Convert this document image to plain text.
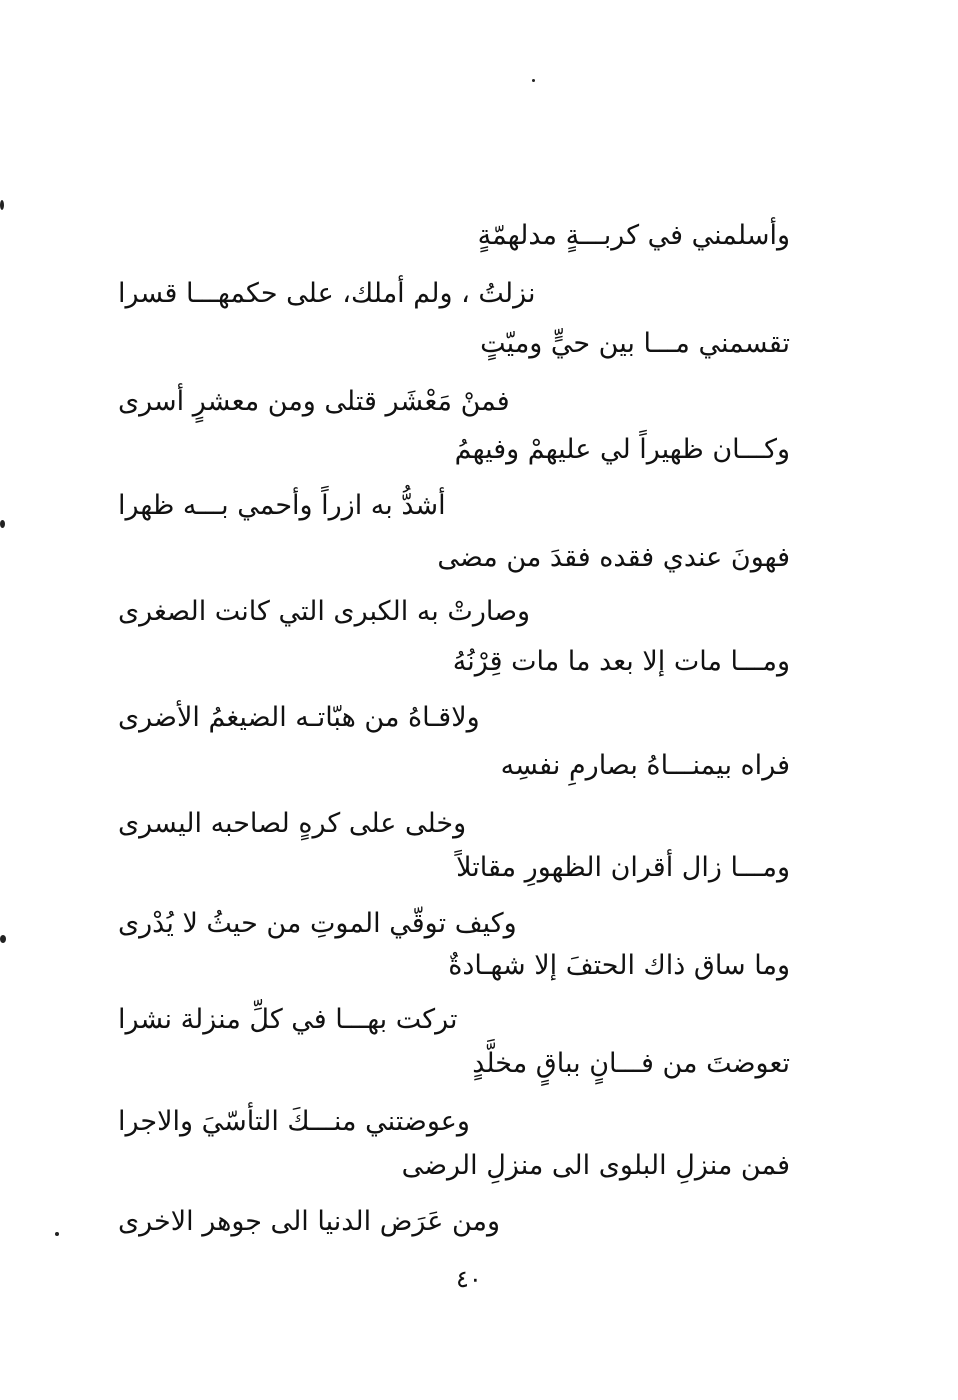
وأسلمني في كربـــةٍ مدلهمّةٍ
نزلتُ ، ولم أملك، على حكمهـــا قسرا
تقسمني مـــا بين حيٍّ وميّتٍ
فمنْ مَعْشَر قتلى ومن معشرٍ أسرى
وكـــان ظهيراً لي عليهمْ وفيهمُ
أشدُّ به ازراً وأحمي بـــه ظهرا
فهونَ عندي فقده فقدَ من مضى
وصارتْ به الكبرى التي كانت الصغرى
ومـــا مات إلا بعد ما مات قِرْنُهُ
ولاقـاهُ من هبّاتـه الضيغمُ الأضرى
فراه بيمنـــاهُ بصارمِ نفسِه
وخلى على كرهٍ لصاحبه اليسرى
ومـــا زال أقران الظهورِ مقاتلاً
وكيف توقّي الموتِ من حيثُ لا يُدْرى
وما ساق ذاك الحتفَ إلا شهـادةٌ
تركت بهـــا في كلِّ منزلة نشرا
تعوضتَ من فـــانٍ بباقٍ مخلَّدٍ
وعوضتني منـــكَ التأسّيَ والاجرا
فمن منزلِ البلوى الى منزلِ الرضى
ومن عَرَض الدنيا الى جوهر الاخرى
٤٠
